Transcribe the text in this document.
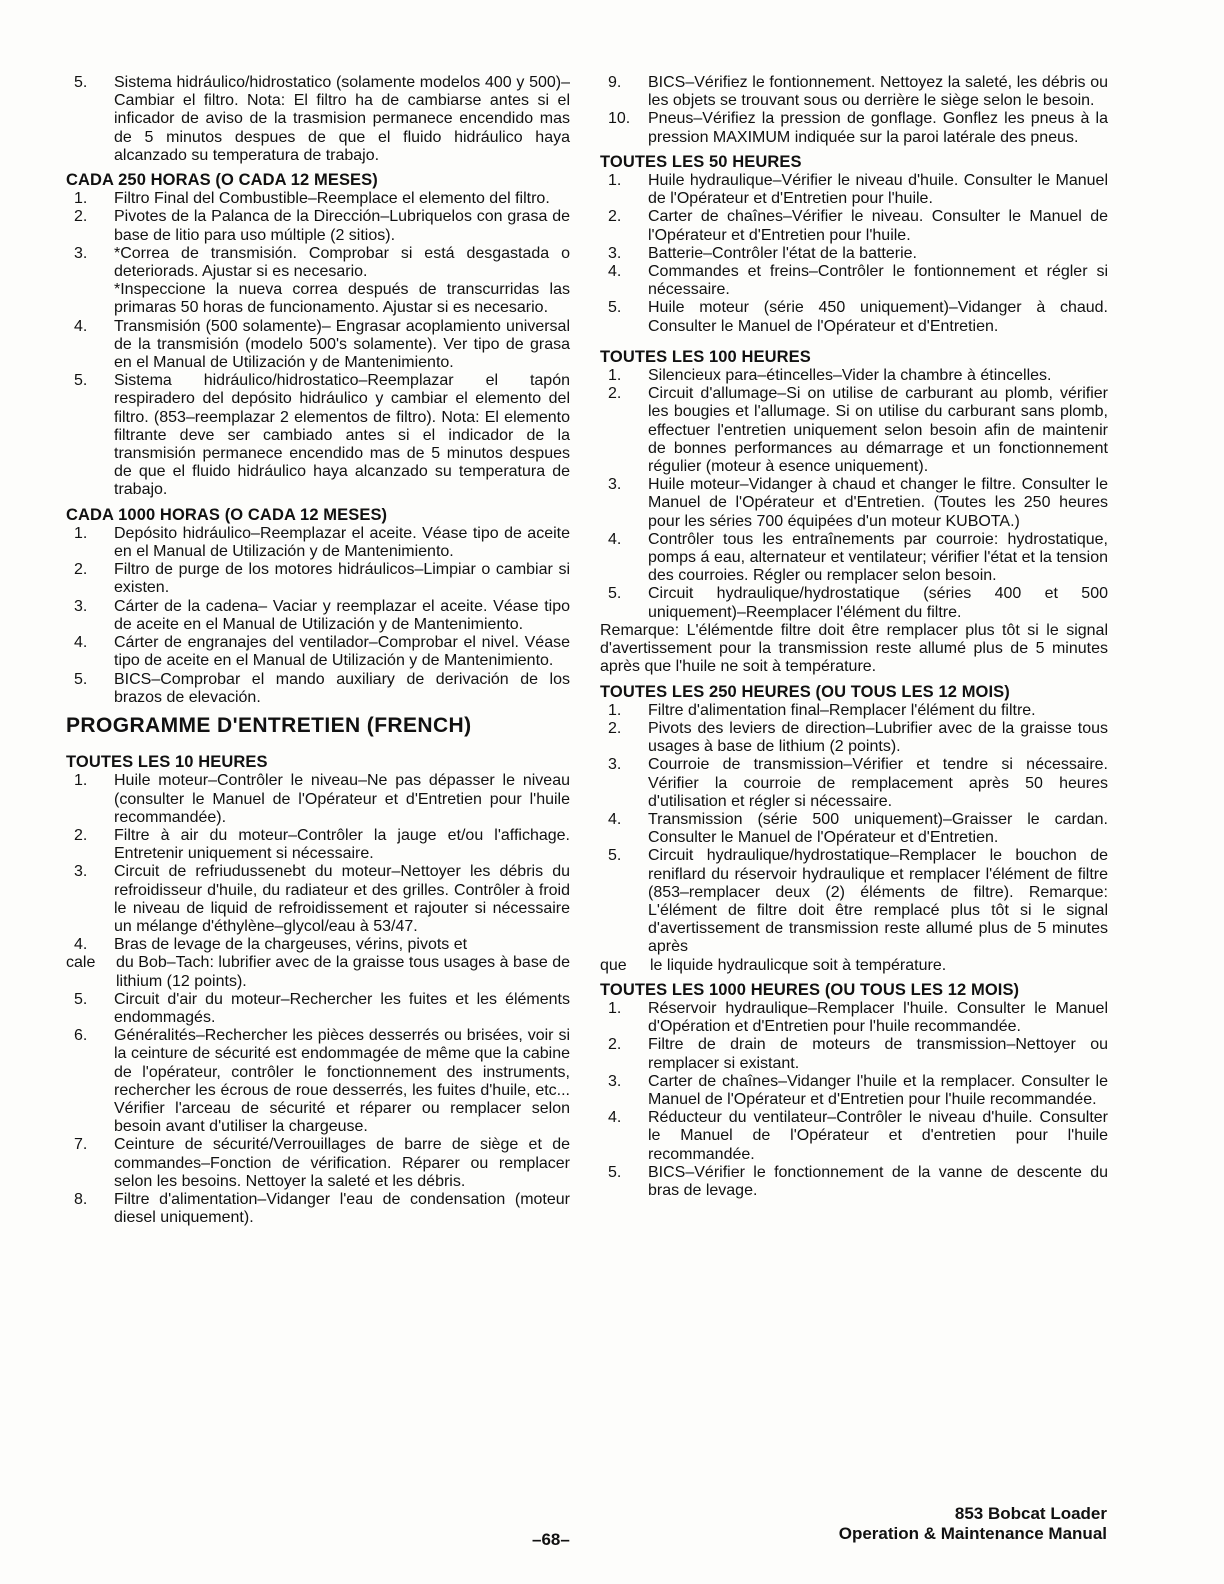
5.	Sistema hidráulico/hidrostatico (solamente modelos 400 y 500)–Cambiar el filtro. Nota: El filtro ha de cambiarse antes si el inficador de aviso de la trasmision permanece encendido mas de 5 minutos despues de que el fluido hidráulico haya alcanzado su temperatura de trabajo.
CADA 250 HORAS (O CADA 12 MESES)
1.	Filtro Final del Combustible–Reemplace el elemento del filtro.
2.	Pivotes de la Palanca de la Dirección–Lubriquelos con grasa de base de litio para uso múltiple (2 sitios).
3.	*Correa de transmisión. Comprobar si está desgastada o deteriorads. Ajustar si es necesario.
*Inspeccione la nueva correa después de transcurridas las primaras 50 horas de funcionamento. Ajustar si es necesario.
4.	Transmisión (500 solamente)– Engrasar acoplamiento universal de la transmisión (modelo 500's solamente). Ver tipo de grasa en el Manual de Utilización y de Mantenimiento.
5.	Sistema hidráulico/hidrostatico–Reemplazar el tapón respiradero del depósito hidráulico y cambiar el elemento del filtro. (853–reemplazar 2 elementos de filtro). Nota: El elemento filtrante deve ser cambiado antes si el indicador de la transmisión permanece encendido mas de 5 minutos despues de que el fluido hidráulico haya alcanzado su temperatura de trabajo.
CADA 1000 HORAS (O CADA 12 MESES)
1.	Depósito hidráulico–Reemplazar el aceite. Véase tipo de aceite en el Manual de Utilización y de Mantenimiento.
2.	Filtro de purge de los motores hidráulicos–Limpiar o cambiar si existen.
3.	Cárter de la cadena– Vaciar y reemplazar el aceite. Véase tipo de aceite en el Manual de Utilización y de Mantenimiento.
4.	Cárter de engranajes del ventilador–Comprobar el nivel. Véase tipo de aceite en el Manual de Utilización y de Mantenimiento.
5.	BICS–Comprobar el mando auxiliary de derivación de los brazos de elevación.
PROGRAMME D'ENTRETIEN (FRENCH)
TOUTES LES 10 HEURES
1.	Huile moteur–Contrôler le niveau–Ne pas dépasser le niveau (consulter le Manuel de l'Opérateur et d'Entretien pour l'huile recommandée).
2.	Filtre à air du moteur–Contrôler la jauge et/ou l'affichage. Entretenir uniquement si nécessaire.
3.	Circuit de refriudussenebt du moteur–Nettoyer les débris du refroidisseur d'huile, du radiateur et des grilles. Contrôler à froid le niveau de liquid de refroidissement et rajouter si nécessaire un mélange d'éthylène–glycol/eau à 53/47.
4.	Bras de levage de la chargeuses, vérins, pivots et
cale	du Bob–Tach: lubrifier avec de la graisse tous usages à base de lithium (12 points).
5.	Circuit d'air du moteur–Rechercher les fuites et les éléments endommagés.
6.	Généralités–Rechercher les pièces desserrés ou brisées, voir si la ceinture de sécurité est endommagée de même que la cabine de l'opérateur, contrôler le fonctionnement des instruments, rechercher les écrous de roue desserrés, les fuites d'huile, etc... Vérifier l'arceau de sécurité et réparer ou remplacer selon besoin avant d'utiliser la chargeuse.
7.	Ceinture de sécurité/Verrouillages de barre de siège et de commandes–Fonction de vérification. Réparer ou remplacer selon les besoins. Nettoyer la saleté et les débris.
8.	Filtre d'alimentation–Vidanger l'eau de condensation (moteur diesel uniquement).
9.	BICS–Vérifiez le fontionnement. Nettoyez la saleté, les débris ou les objets se trouvant sous ou derrière le siège selon le besoin.
10.	Pneus–Vérifiez la pression de gonflage. Gonflez les pneus à la pression MAXIMUM indiquée sur la paroi latérale des pneus.
TOUTES LES 50 HEURES
1.	Huile hydraulique–Vérifier le niveau d'huile. Consulter le Manuel de l'Opérateur et d'Entretien pour l'huile.
2.	Carter de chaînes–Vérifier le niveau. Consulter le Manuel de l'Opérateur et d'Entretien pour l'huile.
3.	Batterie–Contrôler l'état de la batterie.
4.	Commandes et freins–Contrôler le fontionnement et régler si nécessaire.
5.	Huile moteur (série 450 uniquement)–Vidanger à chaud. Consulter le Manuel de l'Opérateur et d'Entretien.
TOUTES LES 100 HEURES
1.	Silencieux para–étincelles–Vider la chambre à étincelles.
2.	Circuit d'allumage–Si on utilise de carburant au plomb, vérifier les bougies et l'allumage. Si on utilise du carburant sans plomb, effectuer l'entretien uniquement selon besoin afin de maintenir de bonnes performances au démarrage et un fonctionnement régulier (moteur à esence uniquement).
3.	Huile moteur–Vidanger à chaud et changer le filtre. Consulter le Manuel de l'Opérateur et d'Entretien. (Toutes les 250 heures pour les séries 700 équipées d'un moteur KUBOTA.)
4.	Contrôler tous les entraînements par courroie: hydrostatique, pomps á eau, alternateur et ventilateur; vérifier l'état et la tension des courroies. Régler ou remplacer selon besoin.
5.	Circuit hydraulique/hydrostatique (séries 400 et 500 uniquement)–Reemplacer l'élément du filtre.
Remarque: L'élémentde filtre doit être remplacer plus tôt si le signal d'avertissement pour la transmission reste allumé plus de 5 minutes après que l'huile ne soit à température.
TOUTES LES 250 HEURES (OU TOUS LES 12 MOIS)
1.	Filtre d'alimentation final–Remplacer l'élément du filtre.
2.	Pivots des leviers de direction–Lubrifier avec de la graisse tous usages à base de lithium (2 points).
3.	Courroie de transmission–Vérifier et tendre si nécessaire. Vérifier la courroie de remplacement après 50 heures d'utilisation et régler si nécessaire.
4.	Transmission (série 500 uniquement)–Graisser le cardan. Consulter le Manuel de l'Opérateur et d'Entretien.
5.	Circuit hydraulique/hydrostatique–Remplacer le bouchon de reniflard du réservoir hydraulique et remplacer l'élément de filtre (853–remplacer deux (2) éléments de filtre). Remarque: L'élément de filtre doit être remplacé plus tôt si le signal d'avertissement de transmission reste allumé plus de 5 minutes après
que	le liquide hydraulicque soit à température.
TOUTES LES 1000 HEURES (OU TOUS LES 12 MOIS)
1.	Réservoir hydraulique–Remplacer l'huile. Consulter le Manuel d'Opération et d'Entretien pour l'huile recommandée.
2.	Filtre de drain de moteurs de transmission–Nettoyer ou remplacer si existant.
3.	Carter de chaînes–Vidanger l'huile et la remplacer. Consulter le Manuel de l'Opérateur et d'Entretien pour l'huile recommandée.
4.	Réducteur du ventilateur–Contrôler le niveau d'huile. Consulter le Manuel de l'Opérateur et d'entretien pour l'huile recommandée.
5.	BICS–Vérifier le fonctionnement de la vanne de descente du bras de levage.
–68–
853 Bobcat Loader
Operation & Maintenance Manual
